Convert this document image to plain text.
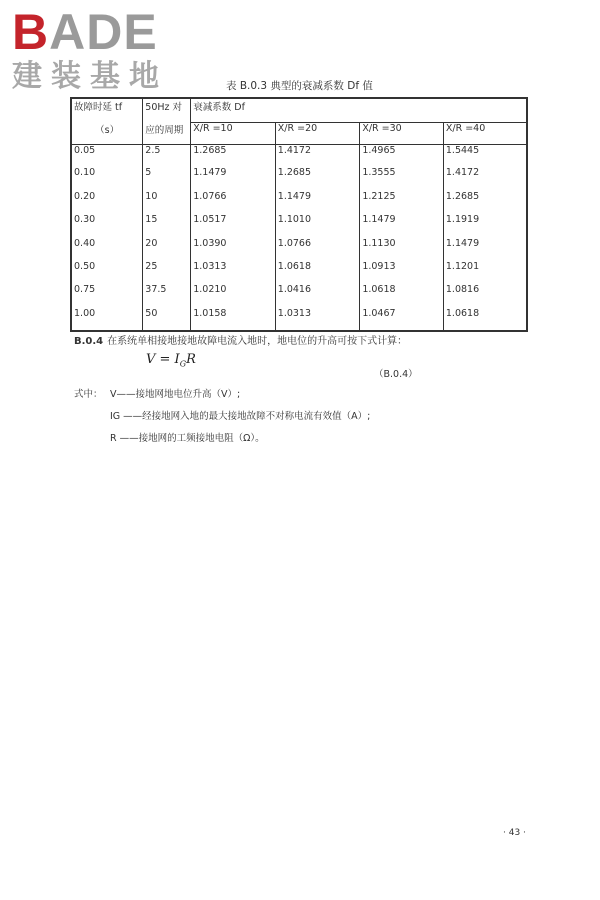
BADE
建装基地	表 B.0.3 典型的衰减系数 Df 值
故障时延 tf	50Hz 对	衰减系数 Df			
（s）	应的周期	X/R =10	X/R =20	X/R =30	X/R =40
0.05	2.5	1.2685	1.4172	1.4965	1.5445
0.10	5	1.1479	1.2685	1.3555	1.4172
0.20	10	1.0766	1.1479	1.2125	1.2685
0.30	15	1.0517	1.1010	1.1479	1.1919
0.40	20	1.0390	1.0766	1.1130	1.1479
0.50	25	1.0313	1.0618	1.0913	1.1201
0.75	37.5	1.0210	1.0416	1.0618	1.0816
1.00	50	1.0158	1.0313	1.0467	1.0618
B.0.4 在系统单相接地接地故障电流入地时，地电位的升高可按下式计算：
$V = I_GR$
（B.0.4）
式中： V——接地网地电位升高（V）;
IG ——经接地网入地的最大接地故障不对称电流有效值（A）;
R ——接地网的工频接地电阻（Ω）。
· 43 ·
